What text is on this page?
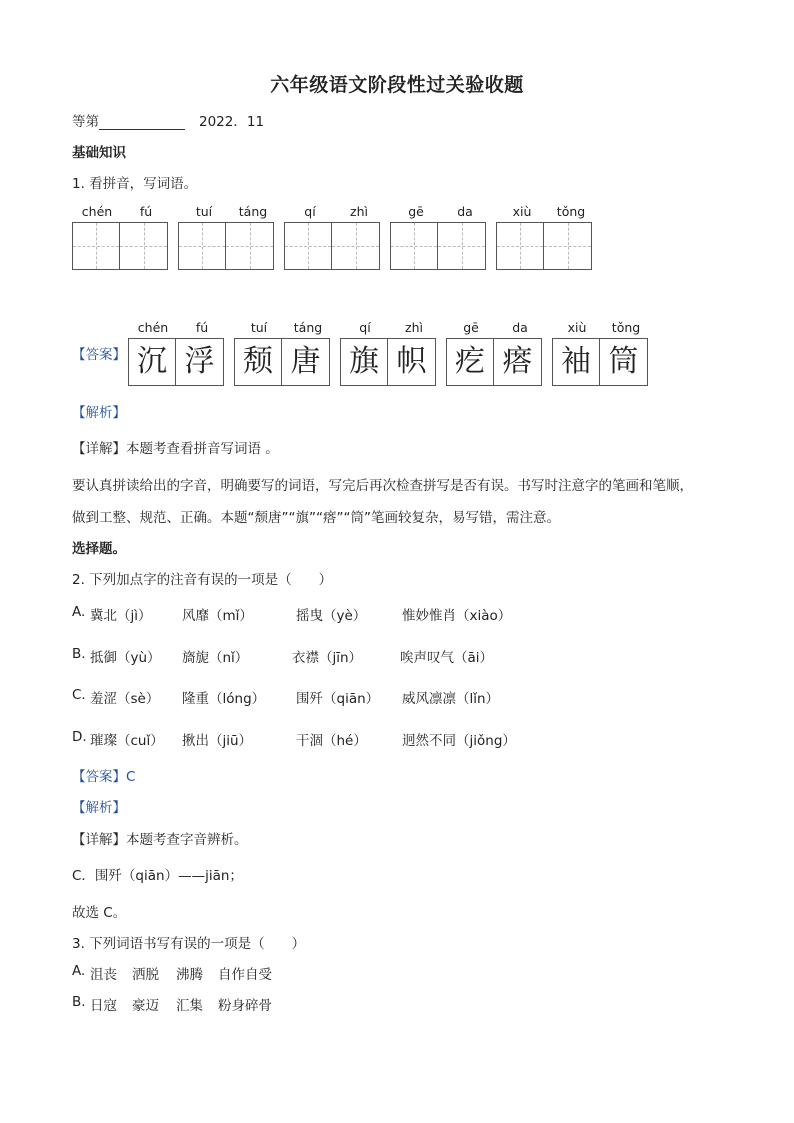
六年级语文阶段性过关验收题
等第	2022．11
基础知识
1. 看拼音，写词语。
chén	fú	tuí	táng	qí	zhì	gē	da	xiù	tǒng
chén	fú	tuí	táng	qí	zhì	gē	da	xiù	tǒng
【答案】 沉 浮 颓 唐 旗 帜 疙 瘩 袖 筒
【解析】
【详解】本题考查看拼音写词语 。
要认真拼读给出的字音，明确要写的词语，写完后再次检查拼写是否有误。书写时注意字的笔画和笔顺，
做到工整、规范、正确。本题“颓唐”“旗”“瘩”“筒”笔画较复杂，易写错，需注意。
选择题。
2. 下列加点字的注音有误的一项是（　　）
A. 冀北（jì） 风靡（mǐ）	摇曳（yè）	惟妙惟肖（xiào）
B. 抵御（yù） 旖旎（nǐ）	衣襟（jīn）	唉声叹气（āi）
C. 羞涩（sè） 隆重（lóng） 围歼（qiān） 威风凛凛（lǐn）
D. 璀璨（cuǐ） 揪出（jiū）	干涸（hé）	迥然不同（jiǒng）
【答案】C
【解析】
【详解】本题考查字音辨析。
C．围歼（qiān）——jiān；
故选 C。
3. 下列词语书写有误的一项是（　　）
A. 沮丧 洒脱 沸腾 自作自受
B. 日寇 豪迈 汇集 粉身碎骨
